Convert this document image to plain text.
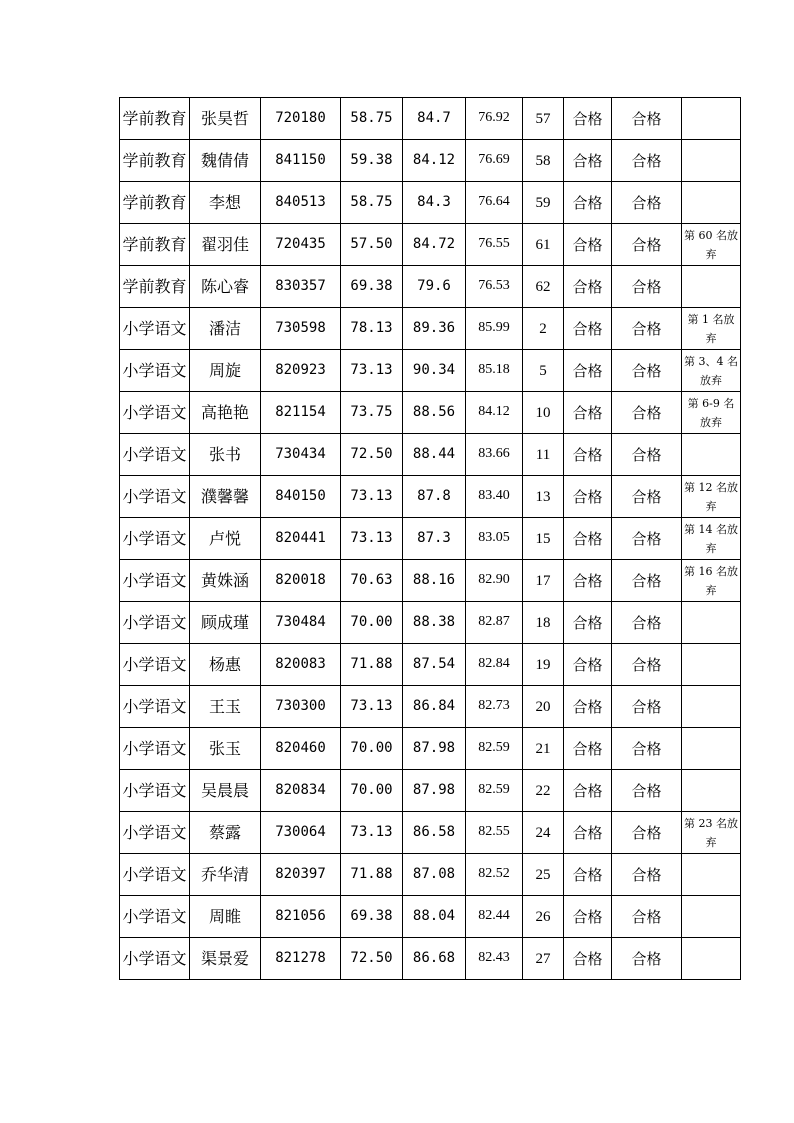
学前教育	张昊哲	720180	58.75	84.7	76.92	57	合格	合格	
学前教育	魏倩倩	841150	59.38	84.12	76.69	58	合格	合格	
学前教育	李想	840513	58.75	84.3	76.64	59	合格	合格	
学前教育	翟羽佳	720435	57.50	84.72	76.55	61	合格	合格	第 60 名放弃
学前教育	陈心睿	830357	69.38	79.6	76.53	62	合格	合格	
小学语文	潘洁	730598	78.13	89.36	85.99	2	合格	合格	第 1 名放弃
小学语文	周旋	820923	73.13	90.34	85.18	5	合格	合格	第 3、4 名放弃
小学语文	高艳艳	821154	73.75	88.56	84.12	10	合格	合格	第 6-9 名放弃
小学语文	张书	730434	72.50	88.44	83.66	11	合格	合格	
小学语文	濮馨馨	840150	73.13	87.8	83.40	13	合格	合格	第 12 名放弃
小学语文	卢悦	820441	73.13	87.3	83.05	15	合格	合格	第 14 名放弃
小学语文	黄姝涵	820018	70.63	88.16	82.90	17	合格	合格	第 16 名放弃
小学语文	顾成瑾	730484	70.00	88.38	82.87	18	合格	合格	
小学语文	杨惠	820083	71.88	87.54	82.84	19	合格	合格	
小学语文	王玉	730300	73.13	86.84	82.73	20	合格	合格	
小学语文	张玉	820460	70.00	87.98	82.59	21	合格	合格	
小学语文	吴晨晨	820834	70.00	87.98	82.59	22	合格	合格	
小学语文	蔡露	730064	73.13	86.58	82.55	24	合格	合格	第 23 名放弃
小学语文	乔华清	820397	71.88	87.08	82.52	25	合格	合格	
小学语文	周睢	821056	69.38	88.04	82.44	26	合格	合格	
小学语文	渠景爱	821278	72.50	86.68	82.43	27	合格	合格	
